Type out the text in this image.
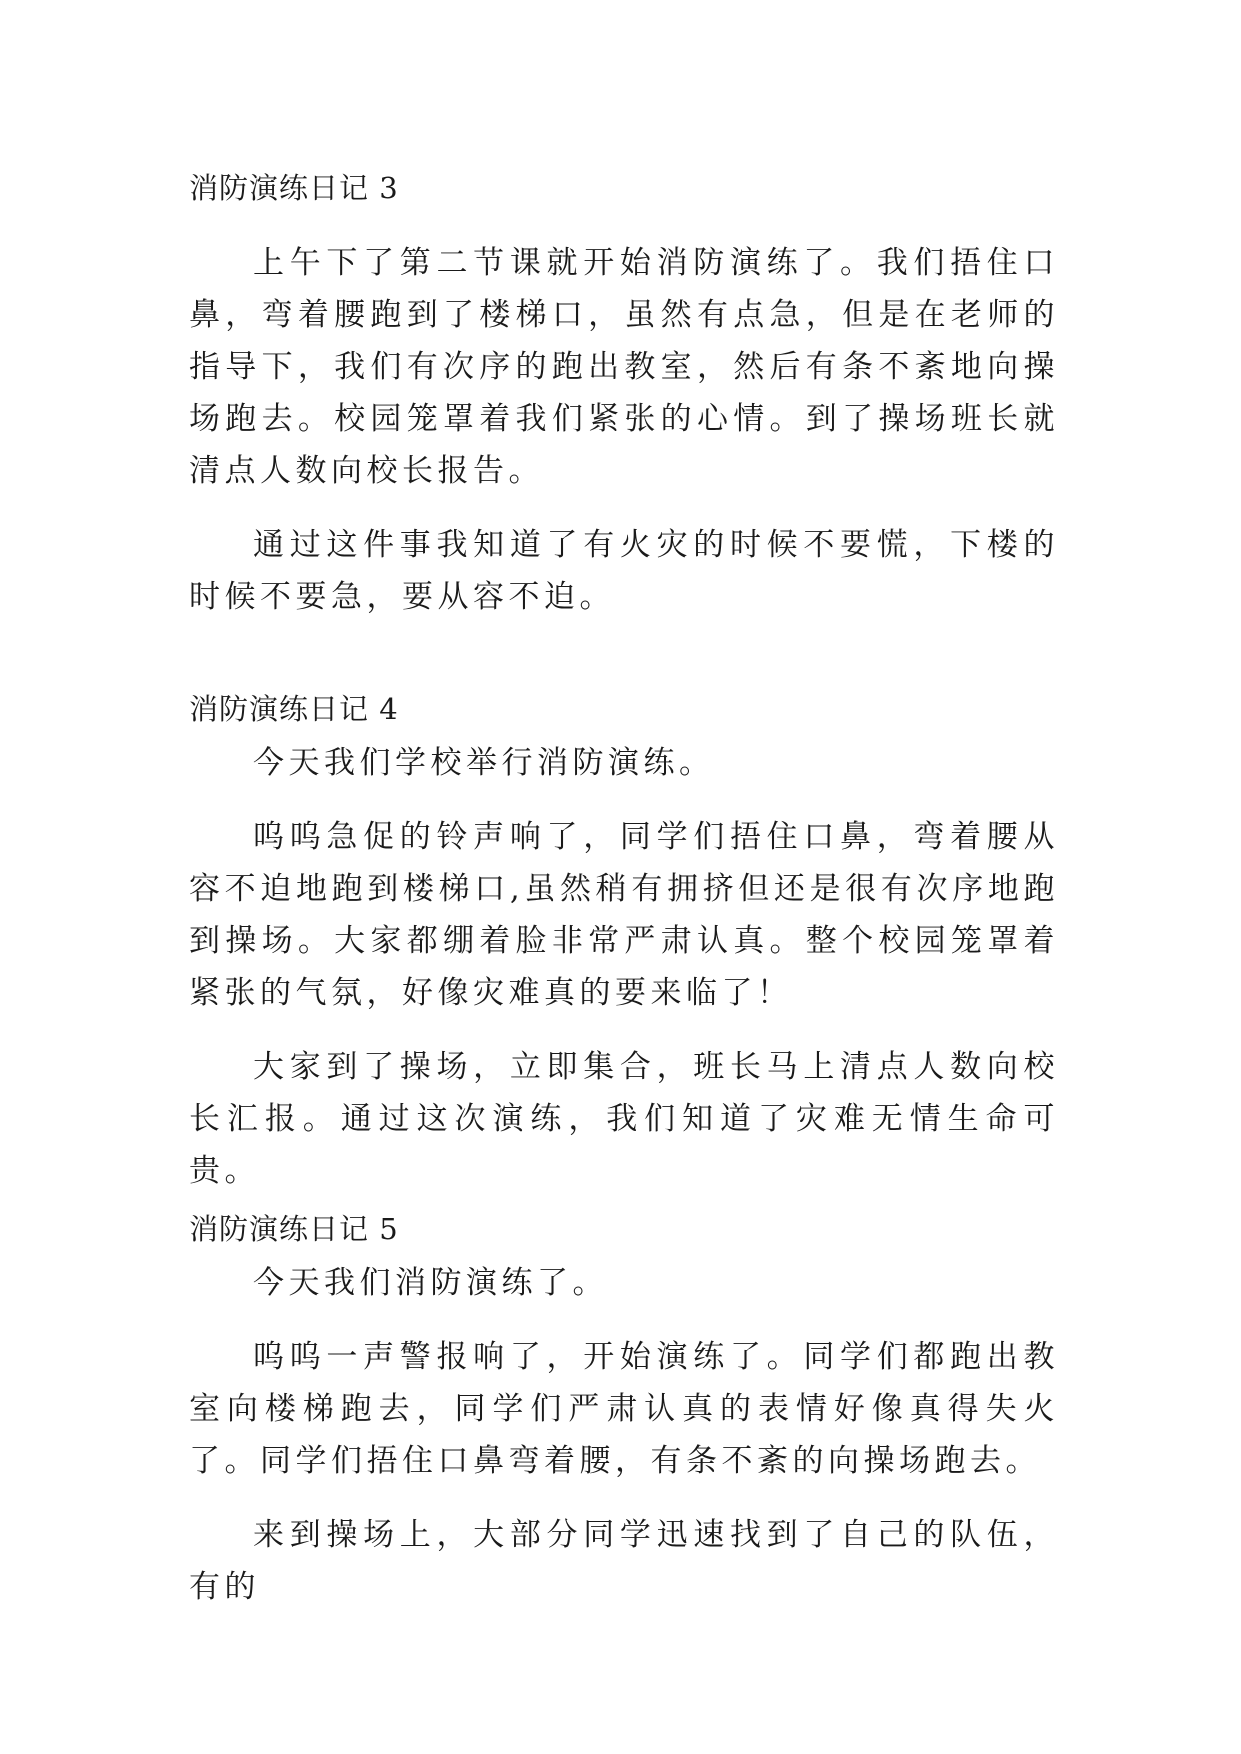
消防演练日记 3

上午下了第二节课就开始消防演练了。我们捂住口鼻，弯着腰跑到了楼梯口，虽然有点急，但是在老师的指导下，我们有次序的跑出教室，然后有条不紊地向操场跑去。校园笼罩着我们紧张的心情。到了操场班长就清点人数向校长报告。

通过这件事我知道了有火灾的时候不要慌，下楼的时候不要急，要从容不迫。

消防演练日记 4

今天我们学校举行消防演练。

呜呜急促的铃声响了，同学们捂住口鼻，弯着腰从容不迫地跑到楼梯口,虽然稍有拥挤但还是很有次序地跑到操场。大家都绷着脸非常严肃认真。整个校园笼罩着紧张的气氛，好像灾难真的要来临了！

大家到了操场，立即集合，班长马上清点人数向校长汇报。通过这次演练，我们知道了灾难无情生命可贵。

消防演练日记 5

今天我们消防演练了。

呜呜一声警报响了，开始演练了。同学们都跑出教室向楼梯跑去，同学们严肃认真的表情好像真得失火了。同学们捂住口鼻弯着腰，有条不紊的向操场跑去。

来到操场上，大部分同学迅速找到了自己的队伍，有的
